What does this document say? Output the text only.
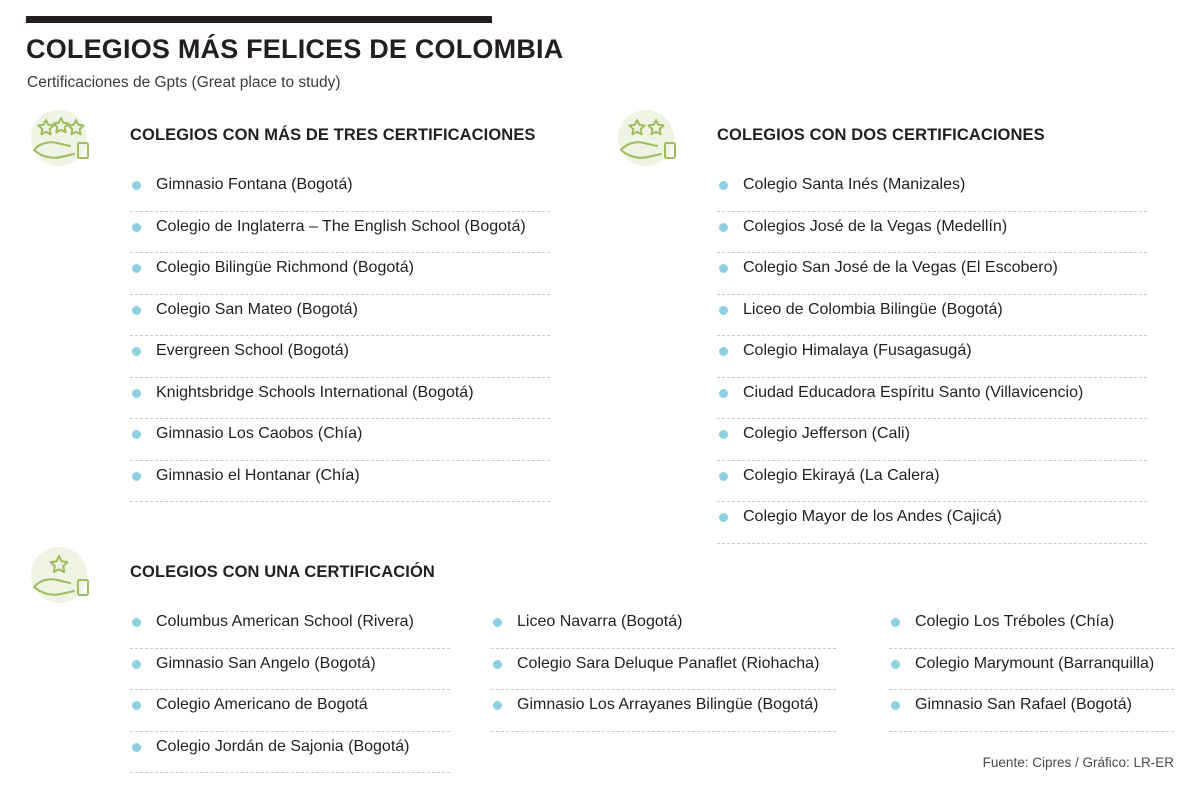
COLEGIOS MÁS FELICES DE COLOMBIA
Certificaciones de Gpts (Great place to study)
COLEGIOS CON MÁS DE TRES CERTIFICACIONES
Gimnasio Fontana (Bogotá)
Colegio de Inglaterra – The English School (Bogotá)
Colegio Bilingüe Richmond (Bogotá)
Colegio San Mateo (Bogotá)
Evergreen School (Bogotá)
Knightsbridge Schools International (Bogotá)
Gimnasio Los Caobos (Chía)
Gimnasio el Hontanar (Chía)
COLEGIOS CON DOS CERTIFICACIONES
Colegio Santa Inés (Manizales)
Colegios José de la Vegas (Medellín)
Colegio San José de la Vegas (El Escobero)
Liceo de Colombia Bilingüe (Bogotá)
Colegio Himalaya (Fusagasugá)
Ciudad Educadora Espíritu Santo (Villavicencio)
Colegio Jefferson (Cali)
Colegio Ekirayá (La Calera)
Colegio Mayor de los Andes (Cajicá)
COLEGIOS CON UNA CERTIFICACIÓN
Columbus American School (Rivera)
Gimnasio San Angelo (Bogotá)
Colegio Americano de Bogotá
Colegio Jordán de Sajonia (Bogotá)
Liceo Navarra (Bogotá)
Colegio Sara Deluque Panaflet (Riohacha)
Gimnasio Los Arrayanes Bilingüe (Bogotá)
Colegio Los Tréboles (Chía)
Colegio Marymount (Barranquilla)
Gimnasio San Rafael (Bogotá)
Fuente: Cipres / Gráfico: LR-ER
